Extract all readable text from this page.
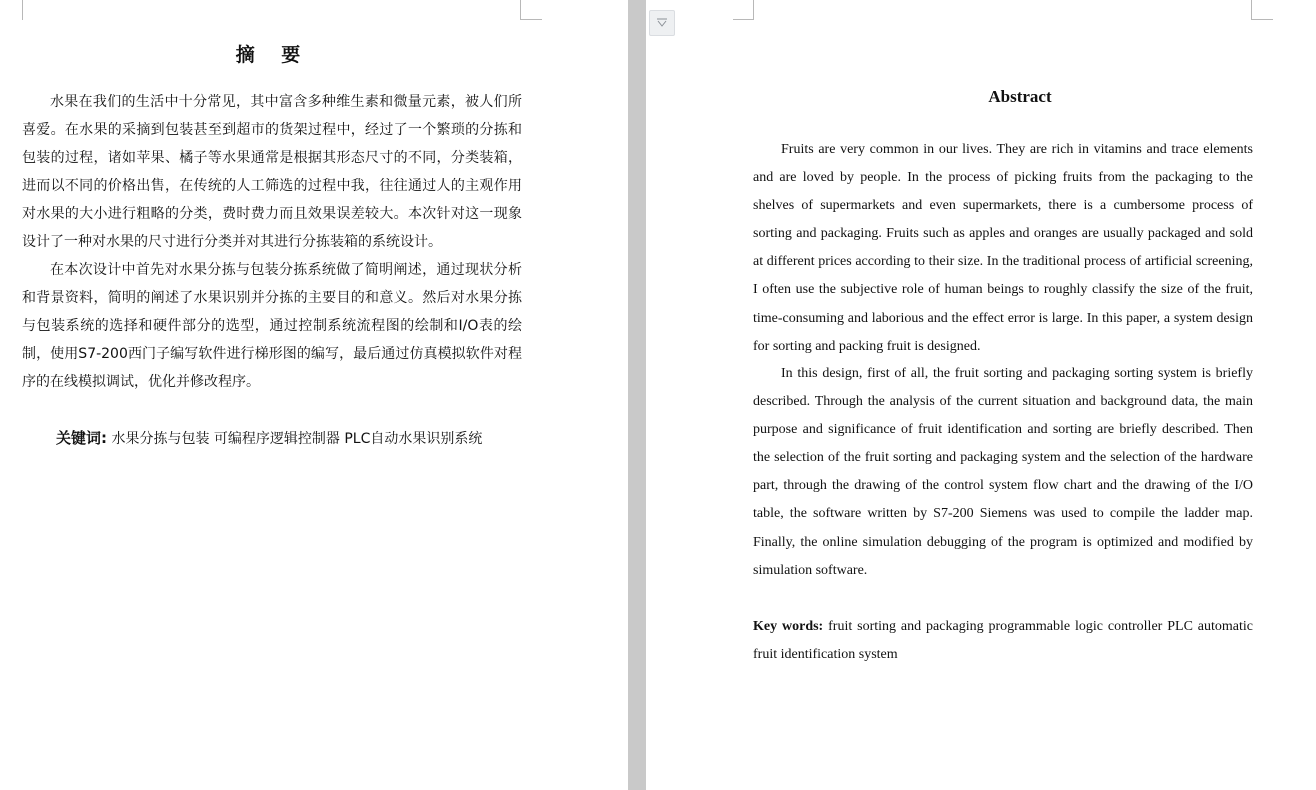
摘 要

水果在我们的生活中十分常见，其中富含多种维生素和微量元素，被人们所喜爱。在水果的采摘到包装甚至到超市的货架过程中，经过了一个繁琐的分拣和包装的过程，诸如苹果、橘子等水果通常是根据其形态尺寸的不同，分类装箱，进而以不同的价格出售，在传统的人工筛选的过程中我，往往通过人的主观作用对水果的大小进行粗略的分类，费时费力而且效果误差较大。本次针对这一现象设计了一种对水果的尺寸进行分类并对其进行分拣装箱的系统设计。

在本次设计中首先对水果分拣与包装分拣系统做了简明阐述，通过现状分析和背景资料，简明的阐述了水果识别并分拣的主要目的和意义。然后对水果分拣与包装系统的选择和硬件部分的选型，通过控制系统流程图的绘制和I/O表的绘制，使用S7-200西门子编写软件进行梯形图的编写，最后通过仿真模拟软件对程序的在线模拟调试，优化并修改程序。

关键词: 水果分拣与包装 可编程序逻辑控制器 PLC自动水果识别系统
Abstract

Fruits are very common in our lives. They are rich in vitamins and trace elements and are loved by people. In the process of picking fruits from the packaging to the shelves of supermarkets and even supermarkets, there is a cumbersome process of sorting and packaging. Fruits such as apples and oranges are usually packaged and sold at different prices according to their size. In the traditional process of artificial screening, I often use the subjective role of human beings to roughly classify the size of the fruit, time-consuming and laborious and the effect error is large. In this paper, a system design for sorting and packing fruit is designed.

In this design, first of all, the fruit sorting and packaging sorting system is briefly described. Through the analysis of the current situation and background data, the main purpose and significance of fruit identification and sorting are briefly described. Then the selection of the fruit sorting and packaging system and the selection of the hardware part, through the drawing of the control system flow chart and the drawing of the I/O table, the software written by S7-200 Siemens was used to compile the ladder map. Finally, the online simulation debugging of the program is optimized and modified by simulation software.

Key words: fruit sorting and packaging programmable logic controller PLC automatic fruit identification system
